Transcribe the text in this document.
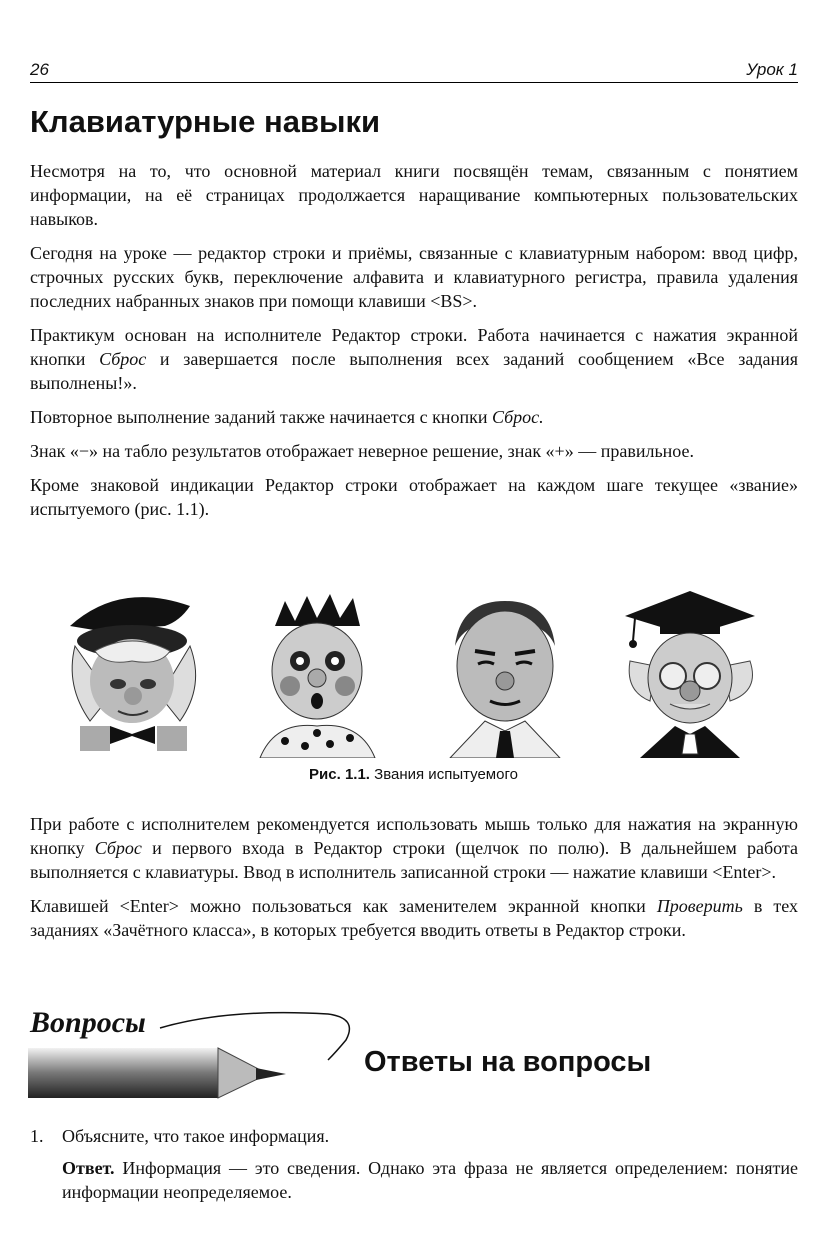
26	Урок 1
Клавиатурные навыки

Несмотря на то, что основной материал книги посвящён темам, связанным с понятием информации, на её страницах продолжается наращивание компьютерных пользовательских навыков.

Сегодня на уроке — редактор строки и приёмы, связанные с клавиатурным набором: ввод цифр, строчных русских букв, переключение алфавита и клавиатурного регистра, правила удаления последних набранных знаков при помощи клавиши <BS>.

Практикум основан на исполнителе Редактор строки. Работа начинается с нажатия экранной кнопки Сброс и завершается после выполнения всех заданий сообщением «Все задания выполнены!».

Повторное выполнение заданий также начинается с кнопки Сброс.

Знак «−» на табло результатов отображает неверное решение, знак «+» — правильное.

Кроме знаковой индикации Редактор строки отображает на каждом шаге текущее «звание» испытуемого (рис. 1.1).

Рис. 1.1. Звания испытуемого

При работе с исполнителем рекомендуется использовать мышь только для нажатия на экранную кнопку Сброс и первого входа в Редактор строки (щелчок по полю). В дальнейшем работа выполняется с клавиатуры. Ввод в исполнитель записанной строки — нажатие клавиши <Enter>.

Клавишей <Enter> можно пользоваться как заменителем экранной кнопки Проверить в тех заданиях «Зачётного класса», в которых требуется вводить ответы в Редактор строки.

Вопросы
Ответы на вопросы
1. Объясните, что такое информация.
Ответ. Информация — это сведения. Однако эта фраза не является определением: понятие информации неопределяемое.
